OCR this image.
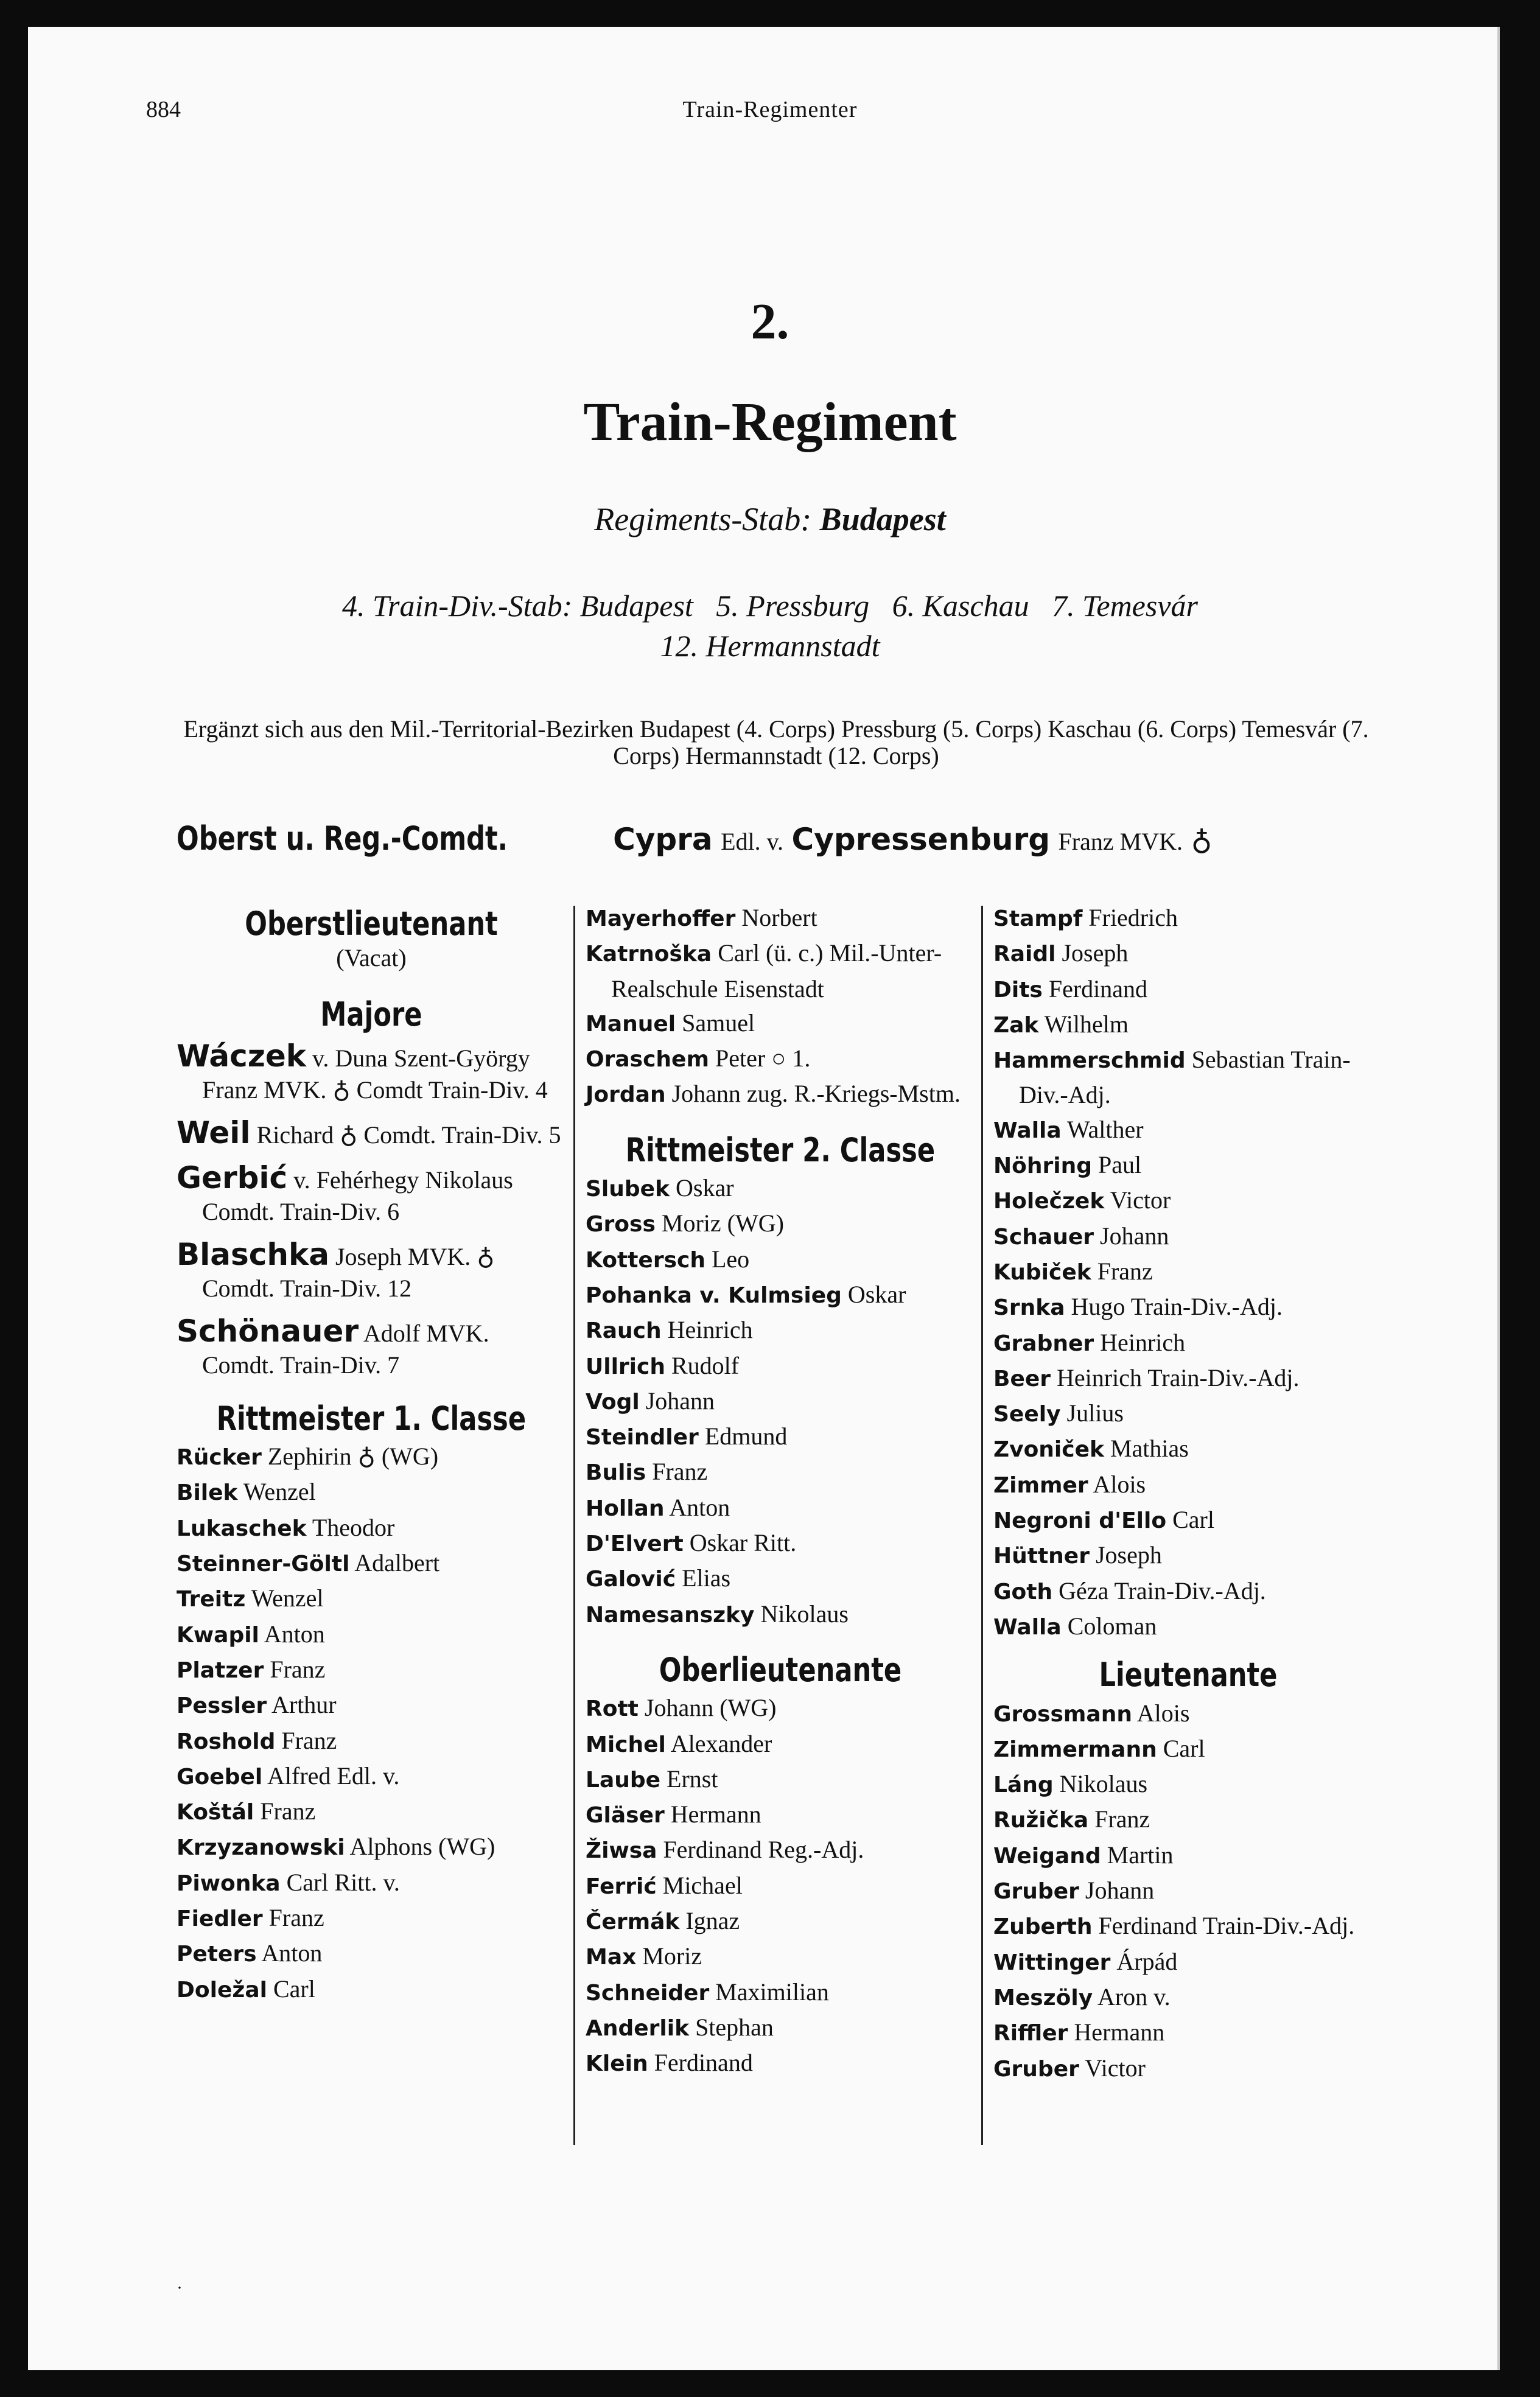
884	Train-Regimenter
2.
Train-Regiment
Regiments-Stab: Budapest
4. Train-Div.-Stab: Budapest   5. Pressburg   6. Kaschau   7. Temesvár
12. Hermannstadt
Ergänzt sich aus den Mil.-Territorial-Bezirken Budapest (4. Corps) Pressburg (5. Corps) Kaschau (6. Corps) Temesvár (7. Corps) Hermannstadt (12. Corps)
Oberst u. Reg.-Comdt.	Cypra Edl. v. Cypressenburg Franz MVK. ♁
Oberstlieutenant
(Vacat)
Majore
Wáczek v. Duna Szent-György Franz MVK. ♁ Comdt Train-Div. 4
Weil Richard ♁ Comdt. Train-Div. 5
Gerbić v. Fehérhegy Nikolaus Comdt. Train-Div. 6
Blaschka Joseph MVK. ♁ Comdt. Train-Div. 12
Schönauer Adolf MVK. Comdt. Train-Div. 7
Rittmeister 1. Classe
Rücker Zephirin ♁ (WG)
Bilek Wenzel
Lukaschek Theodor
Steinner-Göltl Adalbert
Treitz Wenzel
Kwapil Anton
Platzer Franz
Pessler Arthur
Roshold Franz
Goebel Alfred Edl. v.
Koštál Franz
Krzyzanowski Alphons (WG)
Piwonka Carl Ritt. v.
Fiedler Franz
Peters Anton
Doležal Carl
Mayerhoffer Norbert
Katrnoška Carl (ü. c.) Mil.-Unter-Realschule Eisenstadt
Manuel Samuel
Oraschem Peter ○ 1.
Jordan Johann zug. R.-Kriegs-Mstm.
Rittmeister 2. Classe
Slubek Oskar
Gross Moriz (WG)
Kottersch Leo
Pohanka v. Kulmsieg Oskar
Rauch Heinrich
Ullrich Rudolf
Vogl Johann
Steindler Edmund
Bulis Franz
Hollan Anton
D'Elvert Oskar Ritt.
Galović Elias
Namesanszky Nikolaus
Oberlieutenante
Rott Johann (WG)
Michel Alexander
Laube Ernst
Gläser Hermann
Žiwsa Ferdinand Reg.-Adj.
Ferrić Michael
Čermák Ignaz
Max Moriz
Schneider Maximilian
Anderlik Stephan
Klein Ferdinand
Stampf Friedrich
Raidl Joseph
Dits Ferdinand
Zak Wilhelm
Hammerschmid Sebastian Train-Div.-Adj.
Walla Walther
Nöhring Paul
Holečzek Victor
Schauer Johann
Kubiček Franz
Srnka Hugo Train-Div.-Adj.
Grabner Heinrich
Beer Heinrich Train-Div.-Adj.
Seely Julius
Zvoniček Mathias
Zimmer Alois
Negroni d'Ello Carl
Hüttner Joseph
Goth Géza Train-Div.-Adj.
Walla Coloman
Lieutenante
Grossmann Alois
Zimmermann Carl
Láng Nikolaus
Ružička Franz
Weigand Martin
Gruber Johann
Zuberth Ferdinand Train-Div.-Adj.
Wittinger Árpád
Meszöly Aron v.
Riffler Hermann
Gruber Victor
·
